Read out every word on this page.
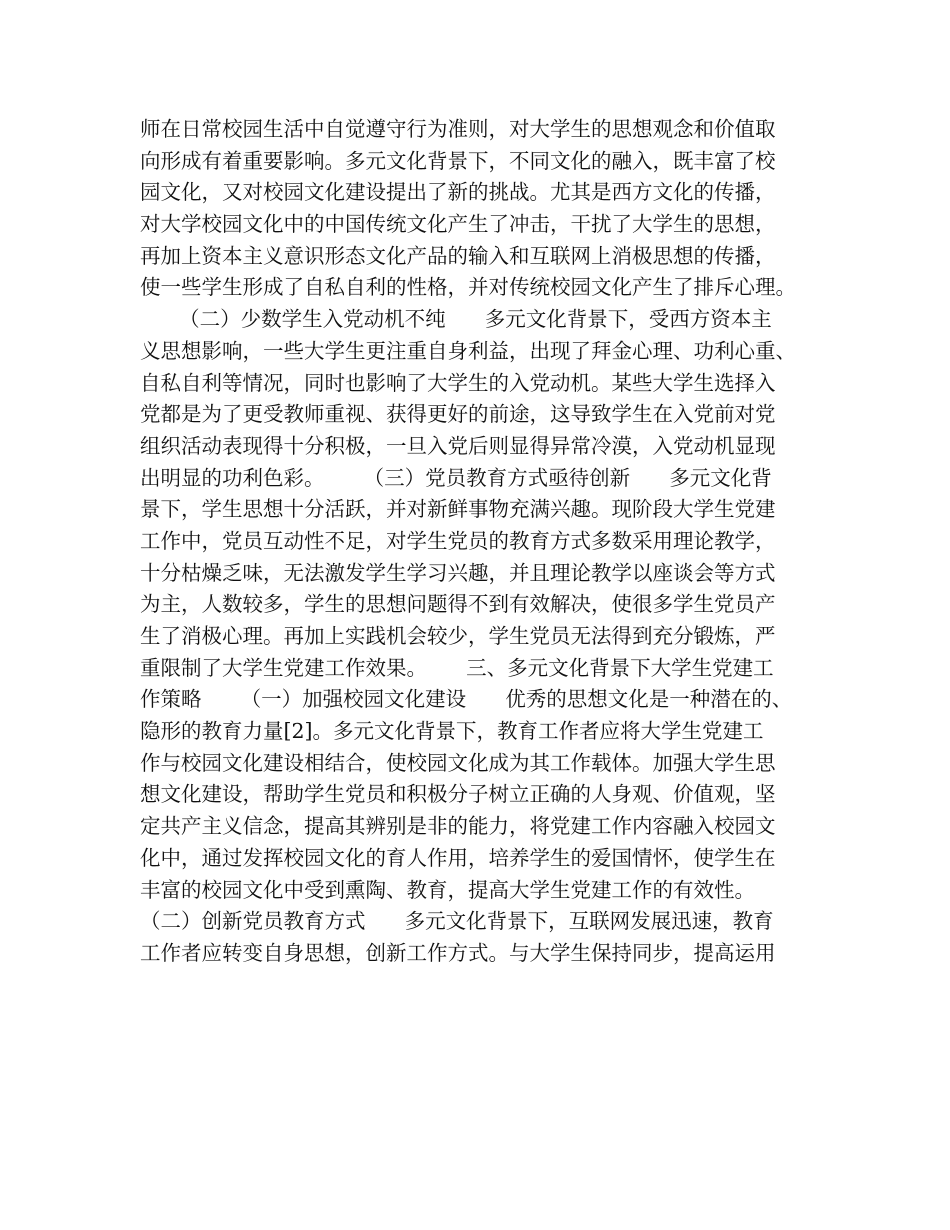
师在日常校园生活中自觉遵守行为准则，对大学生的思想观念和价值取
向形成有着重要影响。多元文化背景下，不同文化的融入，既丰富了校
园文化，又对校园文化建设提出了新的挑战。尤其是西方文化的传播，
对大学校园文化中的中国传统文化产生了冲击，干扰了大学生的思想，
再加上资本主义意识形态文化产品的输入和互联网上消极思想的传播，
使一些学生形成了自私自利的性格，并对传统校园文化产生了排斥心理。
（二）少数学生入党动机不纯      多元文化背景下，受西方资本主
义思想影响，一些大学生更注重自身利益，出现了拜金心理、功利心重、
自私自利等情况，同时也影响了大学生的入党动机。某些大学生选择入
党都是为了更受教师重视、获得更好的前途，这导致学生在入党前对党
组织活动表现得十分积极，一旦入党后则显得异常冷漠，入党动机显现
出明显的功利色彩。      （三）党员教育方式亟待创新      多元文化背
景下，学生思想十分活跃，并对新鲜事物充满兴趣。现阶段大学生党建
工作中，党员互动性不足，对学生党员的教育方式多数采用理论教学，
十分枯燥乏味，无法激发学生学习兴趣，并且理论教学以座谈会等方式
为主，人数较多，学生的思想问题得不到有效解决，使很多学生党员产
生了消极心理。再加上实践机会较少，学生党员无法得到充分锻炼，严
重限制了大学生党建工作效果。      三、多元文化背景下大学生党建工
作策略      （一）加强校园文化建设      优秀的思想文化是一种潜在的、
隐形的教育力量[2]。多元文化背景下，教育工作者应将大学生党建工
作与校园文化建设相结合，使校园文化成为其工作载体。加强大学生思
想文化建设，帮助学生党员和积极分子树立正确的人身观、价值观，坚
定共产主义信念，提高其辨别是非的能力，将党建工作内容融入校园文
化中，通过发挥校园文化的育人作用，培养学生的爱国情怀，使学生在
丰富的校园文化中受到熏陶、教育，提高大学生党建工作的有效性。
（二）创新党员教育方式      多元文化背景下，互联网发展迅速，教育
工作者应转变自身思想，创新工作方式。与大学生保持同步，提高运用
